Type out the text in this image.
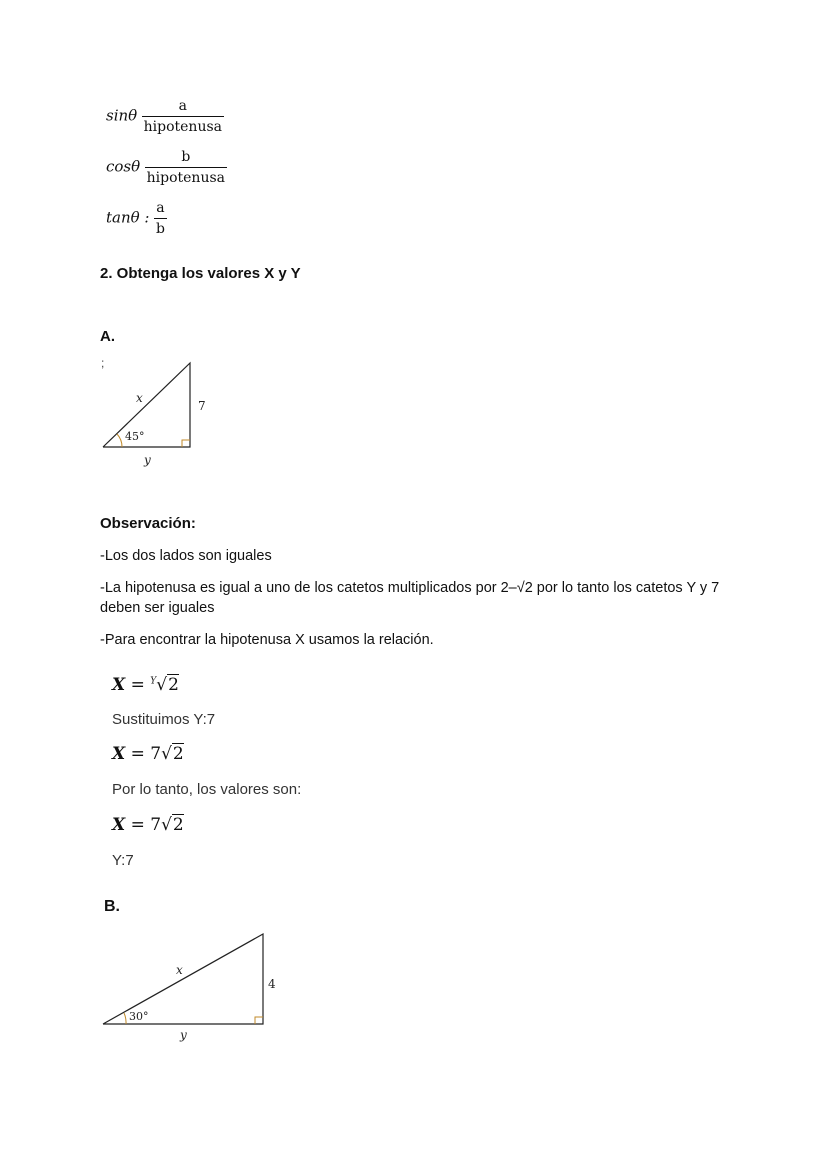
sinθ $\frac{a}{\text{hipotenusa}}$
cosθ $\frac{b}{\text{hipotenusa}}$
tanθ : $\frac{a}{b}$
2. Obtenga los valores X y Y
A.
;
45°
x
7
y
Observación:
-Los dos lados son iguales
-La hipotenusa es igual a uno de los catetos multiplicados por 2–√2 por lo tanto los catetos Y y 7 deben ser iguales
-Para encontrar la hipotenusa X usamos la relación.
X = $^Y$√2
Sustituimos Y:7
X = 7√2
Por lo tanto, los valores son:
X = 7√2
Y:7
B.
30°
x
4
y
